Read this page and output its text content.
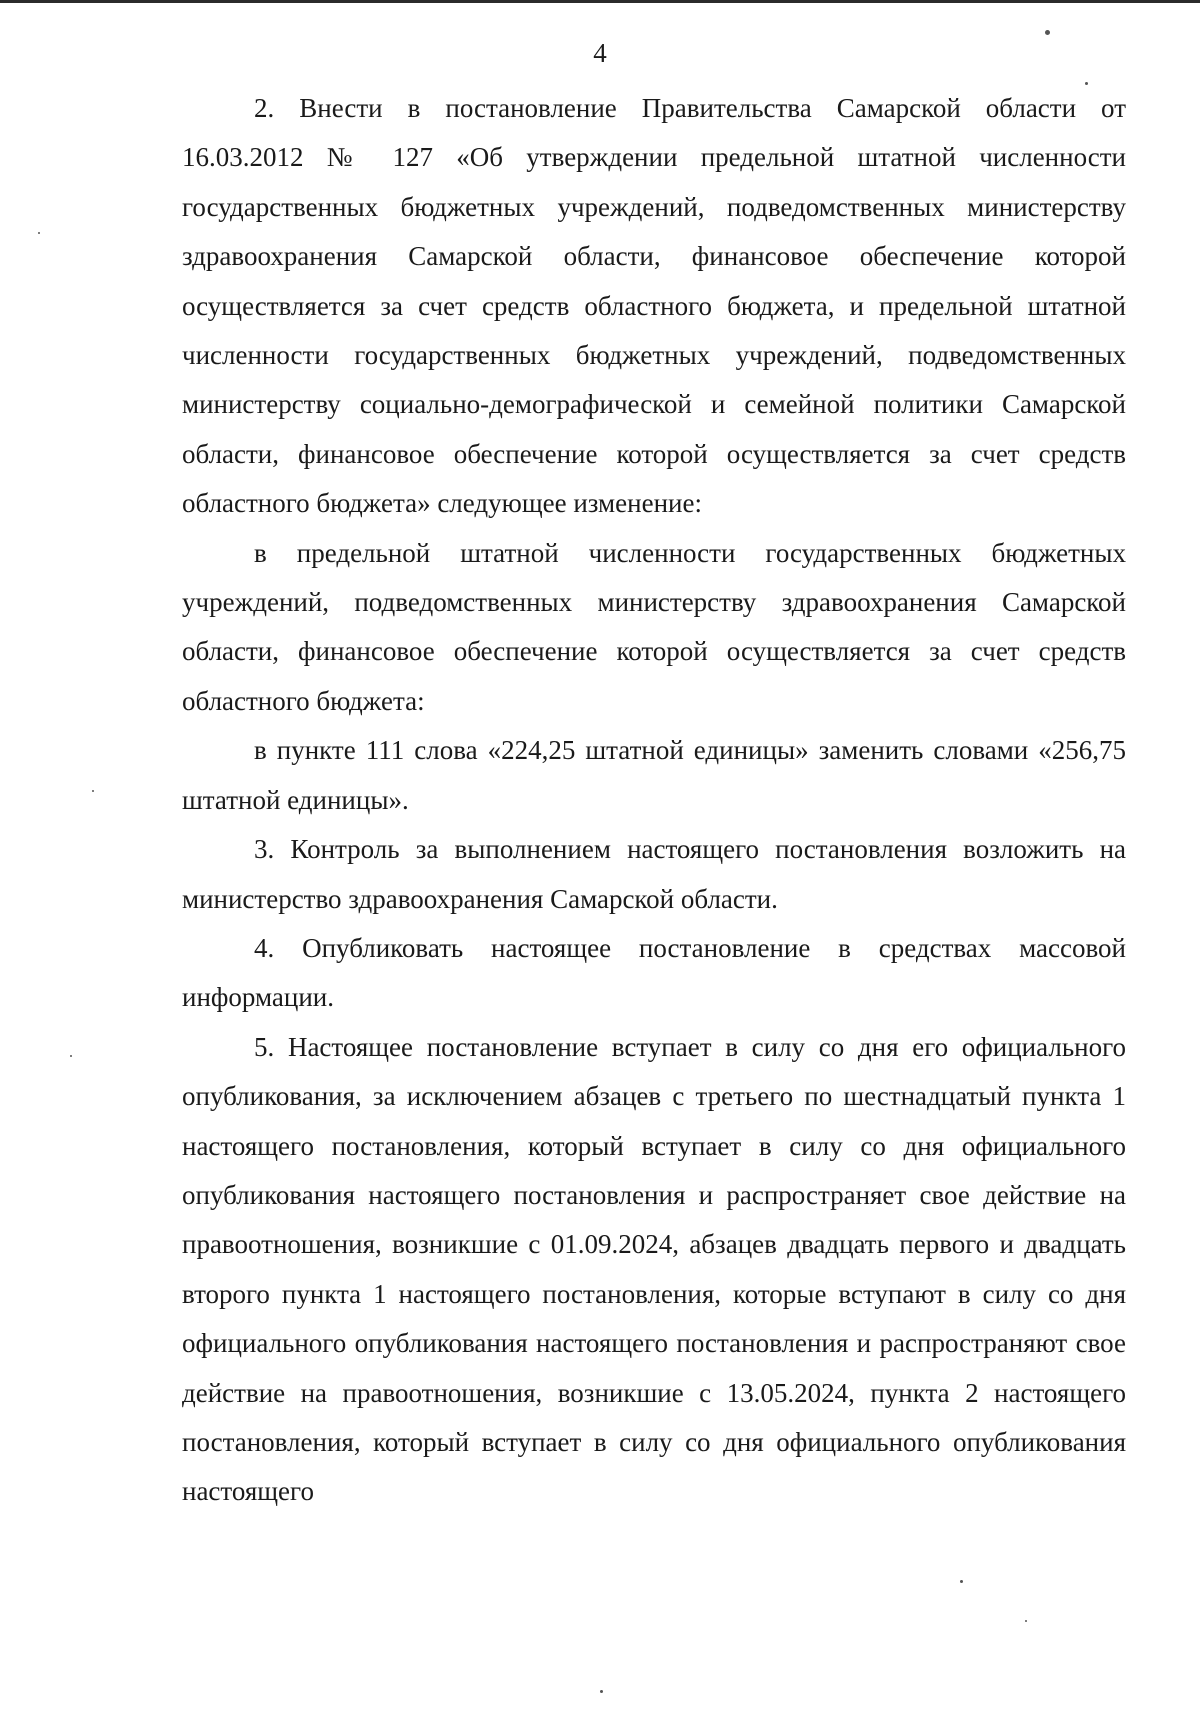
4

2. Внести в постановление Правительства Самарской области от 16.03.2012 № 127 «Об утверждении предельной штатной численности государственных бюджетных учреждений, подведомственных министерству здравоохранения Самарской области, финансовое обеспечение которой осуществляется за счет средств областного бюджета, и предельной штатной численности государственных бюджетных учреждений, подведомственных министерству социально-демографической и семейной политики Самарской области, финансовое обеспечение которой осуществляется за счет средств областного бюджета» следующее изменение:

в предельной штатной численности государственных бюджетных учреждений, подведомственных министерству здравоохранения Самарской области, финансовое обеспечение которой осуществляется за счет средств областного бюджета:

в пункте 111 слова «224,25 штатной единицы» заменить словами «256,75 штатной единицы».

3. Контроль за выполнением настоящего постановления возложить на министерство здравоохранения Самарской области.

4. Опубликовать настоящее постановление в средствах массовой информации.

5. Настоящее постановление вступает в силу со дня его официального опубликования, за исключением абзацев с третьего по шестнадцатый пункта 1 настоящего постановления, который вступает в силу со дня официального опубликования настоящего постановления и распространяет свое действие на правоотношения, возникшие с 01.09.2024, абзацев двадцать первого и двадцать второго пункта 1 настоящего постановления, которые вступают в силу со дня официального опубликования настоящего постановления и распространяют свое действие на правоотношения, возникшие с 13.05.2024, пункта 2 настоящего постановления, который вступает в силу со дня официального опубликования настоящего
